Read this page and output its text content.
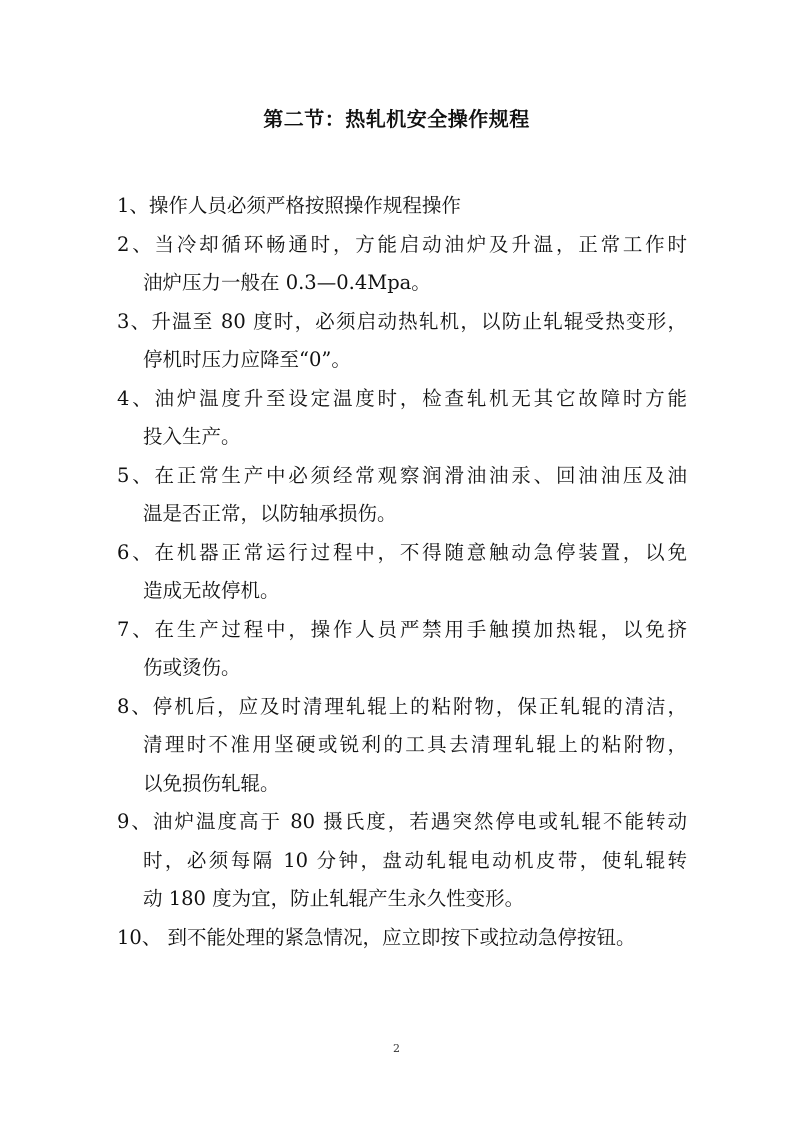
第二节：热轧机安全操作规程
1、操作人员必须严格按照操作规程操作
2、当冷却循环畅通时，方能启动油炉及升温，正常工作时
油炉压力一般在 0.3—0.4Mpa。
3、升温至 80 度时，必须启动热轧机，以防止轧辊受热变形，
停机时压力应降至“0”。
4、油炉温度升至设定温度时，检查轧机无其它故障时方能
投入生产。
5、在正常生产中必须经常观察润滑油油汞、回油油压及油
温是否正常，以防轴承损伤。
6、在机器正常运行过程中，不得随意触动急停装置，以免
造成无故停机。
7、在生产过程中，操作人员严禁用手触摸加热辊，以免挤
伤或烫伤。
8、停机后，应及时清理轧辊上的粘附物，保正轧辊的清洁，
清理时不准用坚硬或锐利的工具去清理轧辊上的粘附物，
以免损伤轧辊。
9、油炉温度高于 80 摄氏度，若遇突然停电或轧辊不能转动
时，必须每隔 10 分钟，盘动轧辊电动机皮带，使轧辊转
动 180 度为宜，防止轧辊产生永久性变形。
10、 到不能处理的紧急情况，应立即按下或拉动急停按钮。
2
